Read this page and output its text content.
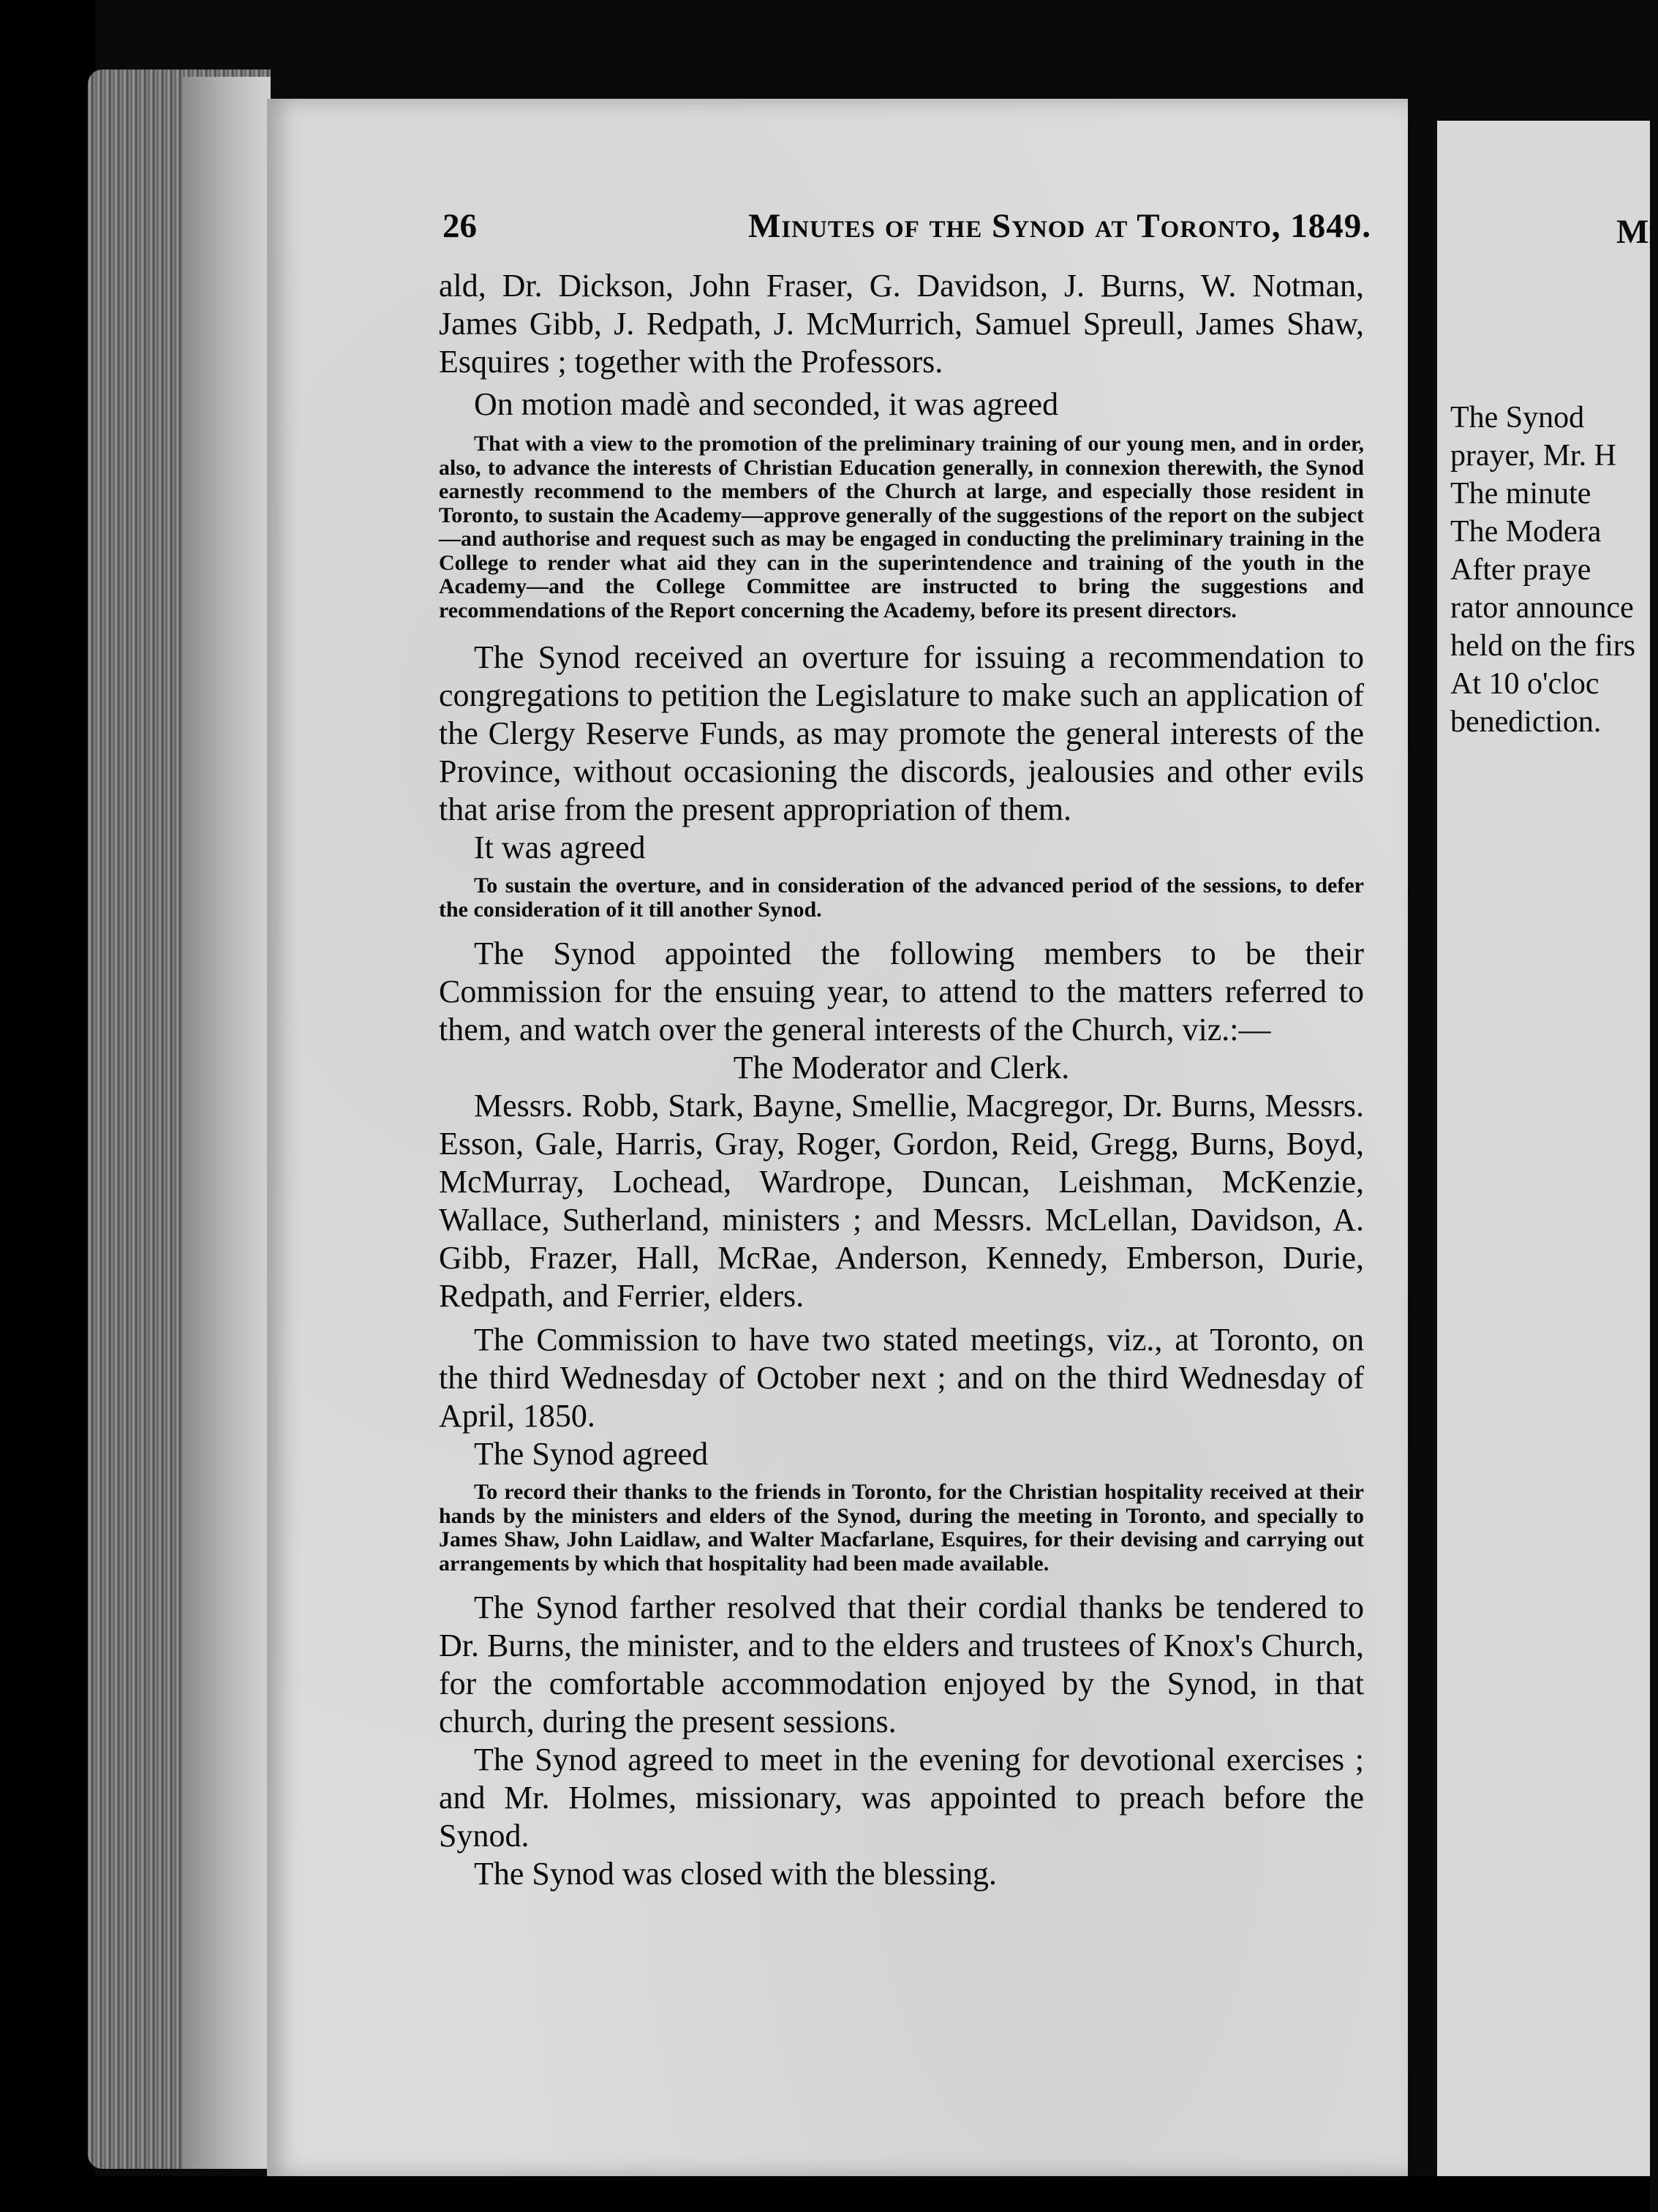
26	Minutes of the Synod at Toronto, 1849.

ald, Dr. Dickson, John Fraser, G. Davidson, J. Burns, W. Notman, James Gibb, J. Redpath, J. McMurrich, Samuel Spreull, James Shaw, Esquires ; together with the Professors.

On motion madè and seconded, it was agreed

That with a view to the promotion of the preliminary training of our young men, and in order, also, to advance the interests of Christian Education generally, in connexion therewith, the Synod earnestly recommend to the members of the Church at large, and especially those resident in Toronto, to sustain the Academy—approve generally of the suggestions of the report on the subject—and authorise and request such as may be engaged in conducting the preliminary training in the College to render what aid they can in the superintendence and training of the youth in the Academy—and the College Committee are instructed to bring the suggestions and recommendations of the Report concerning the Academy, before its present directors.

The Synod received an overture for issuing a recommendation to congregations to petition the Legislature to make such an application of the Clergy Reserve Funds, as may promote the general interests of the Province, without occasioning the discords, jealousies and other evils that arise from the present appropriation of them.

It was agreed

To sustain the overture, and in consideration of the advanced period of the sessions, to defer the consideration of it till another Synod.

The Synod appointed the following members to be their Commission for the ensuing year, to attend to the matters referred to them, and watch over the general interests of the Church, viz.:—

The Moderator and Clerk.

Messrs. Robb, Stark, Bayne, Smellie, Macgregor, Dr. Burns, Messrs. Esson, Gale, Harris, Gray, Roger, Gordon, Reid, Gregg, Burns, Boyd, McMurray, Lochead, Wardrope, Duncan, Leishman, McKenzie, Wallace, Sutherland, ministers ; and Messrs. McLellan, Davidson, A. Gibb, Frazer, Hall, McRae, Anderson, Kennedy, Emberson, Durie, Redpath, and Ferrier, elders.

The Commission to have two stated meetings, viz., at Toronto, on the third Wednesday of October next ; and on the third Wednesday of April, 1850.

The Synod agreed

To record their thanks to the friends in Toronto, for the Christian hospitality received at their hands by the ministers and elders of the Synod, during the meeting in Toronto, and specially to James Shaw, John Laidlaw, and Walter Macfarlane, Esquires, for their devising and carrying out arrangements by which that hospitality had been made available.

The Synod farther resolved that their cordial thanks be tendered to Dr. Burns, the minister, and to the elders and trustees of Knox's Church, for the comfortable accommodation enjoyed by the Synod, in that church, during the present sessions.

The Synod agreed to meet in the evening for devotional exercises ; and Mr. Holmes, missionary, was appointed to preach before the Synod.

The Synod was closed with the blessing.

Mi
The Synod
prayer, Mr. H
The minute
The Modera
After praye
rator announce
held on the firs
At 10 o'cloc
benediction.
